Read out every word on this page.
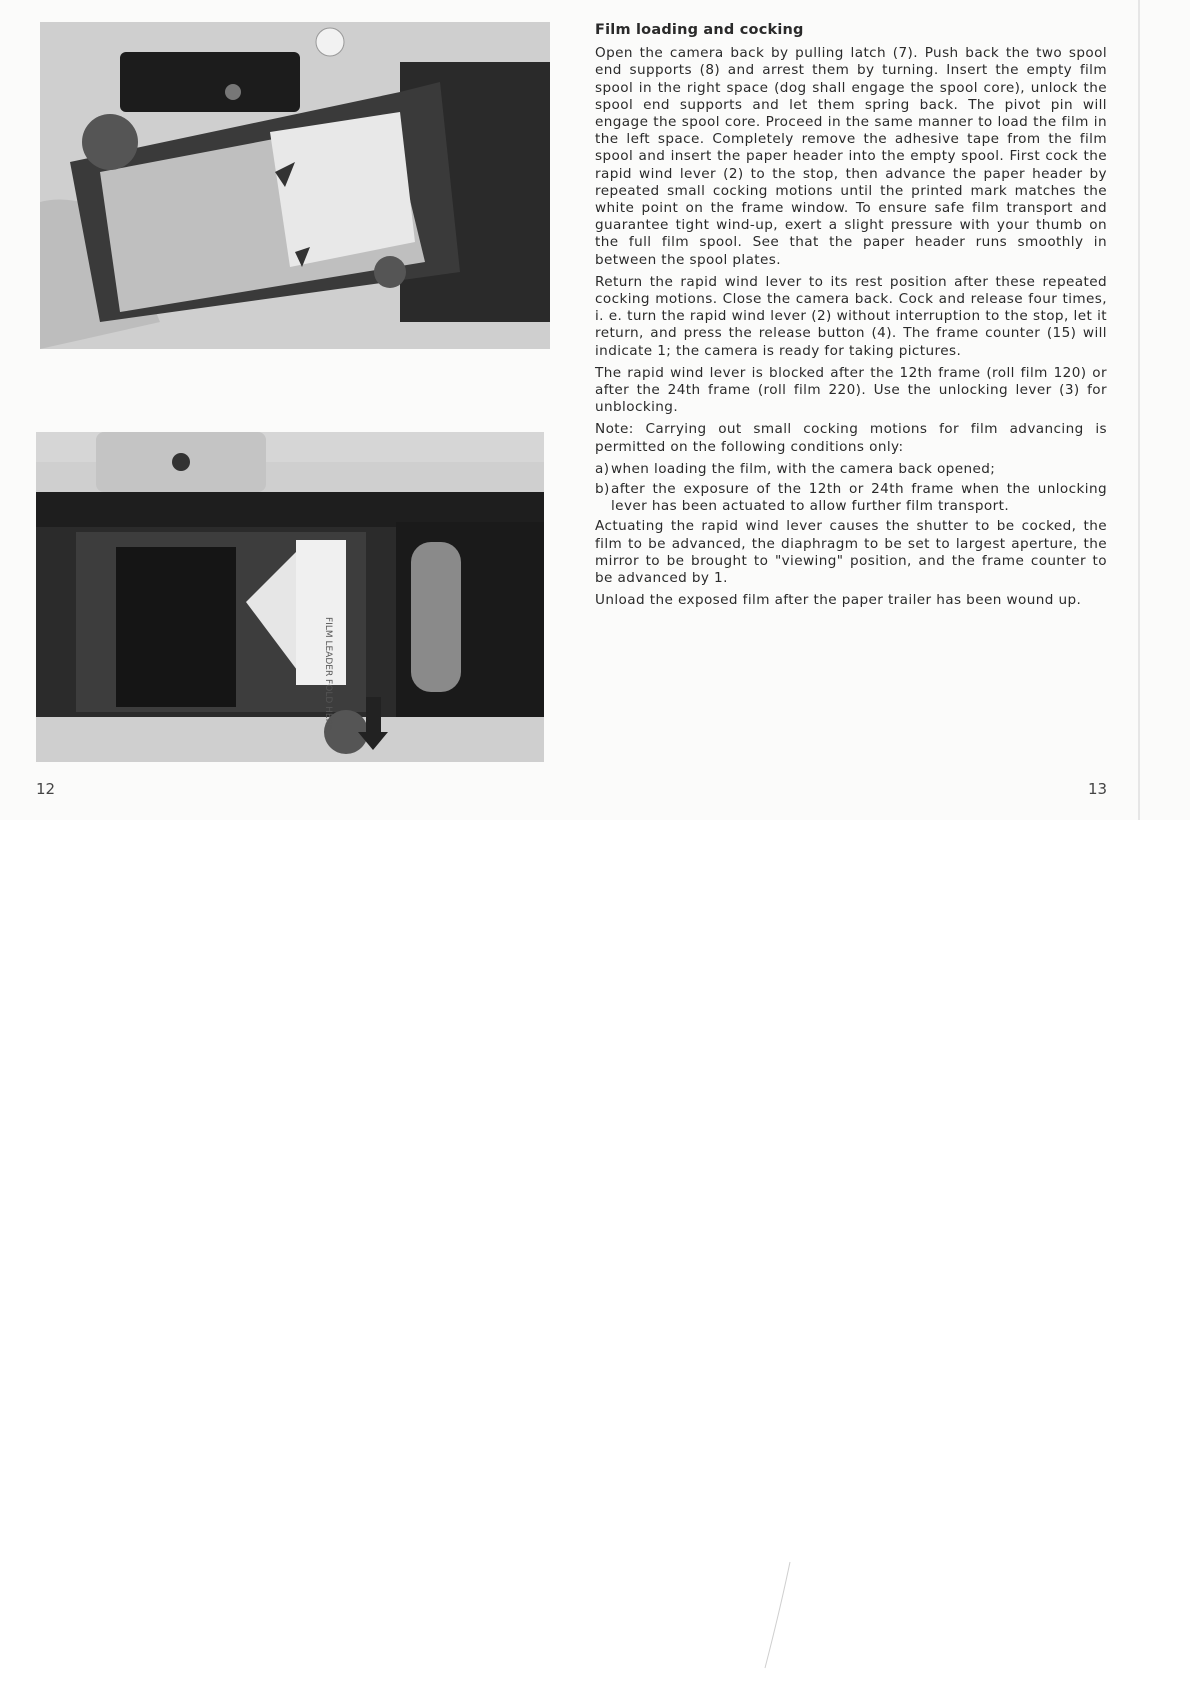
FILM LEADER FOLD HERE
12
Film loading and cocking

Open the camera back by pulling latch (7). Push back the two spool end supports (8) and arrest them by turning. Insert the empty film spool in the right space (dog shall engage the spool core), unlock the spool end supports and let them spring back. The pivot pin will engage the spool core. Proceed in the same manner to load the film in the left space. Completely remove the adhesive tape from the film spool and insert the paper header into the empty spool. First cock the rapid wind lever (2) to the stop, then advance the paper header by repeated small cocking motions until the printed mark matches the white point on the frame window. To ensure safe film transport and guarantee tight wind-up, exert a slight pressure with your thumb on the full film spool. See that the paper header runs smoothly in between the spool plates.

Return the rapid wind lever to its rest position after these repeated cocking motions. Close the camera back. Cock and release four times, i. e. turn the rapid wind lever (2) without interruption to the stop, let it return, and press the release button (4). The frame counter (15) will indicate 1; the camera is ready for taking pictures.

The rapid wind lever is blocked after the 12th frame (roll film 120) or after the 24th frame (roll film 220). Use the unlocking lever (3) for unblocking.

Note: Carrying out small cocking motions for film advancing is permitted on the following conditions only:

a) when loading the film, with the camera back opened;
b) after the exposure of the 12th or 24th frame when the unlocking lever has been actuated to allow further film transport.

Actuating the rapid wind lever causes the shutter to be cocked, the film to be advanced, the diaphragm to be set to largest aperture, the mirror to be brought to "viewing" position, and the frame counter to be advanced by 1.

Unload the exposed film after the paper trailer has been wound up.

13
